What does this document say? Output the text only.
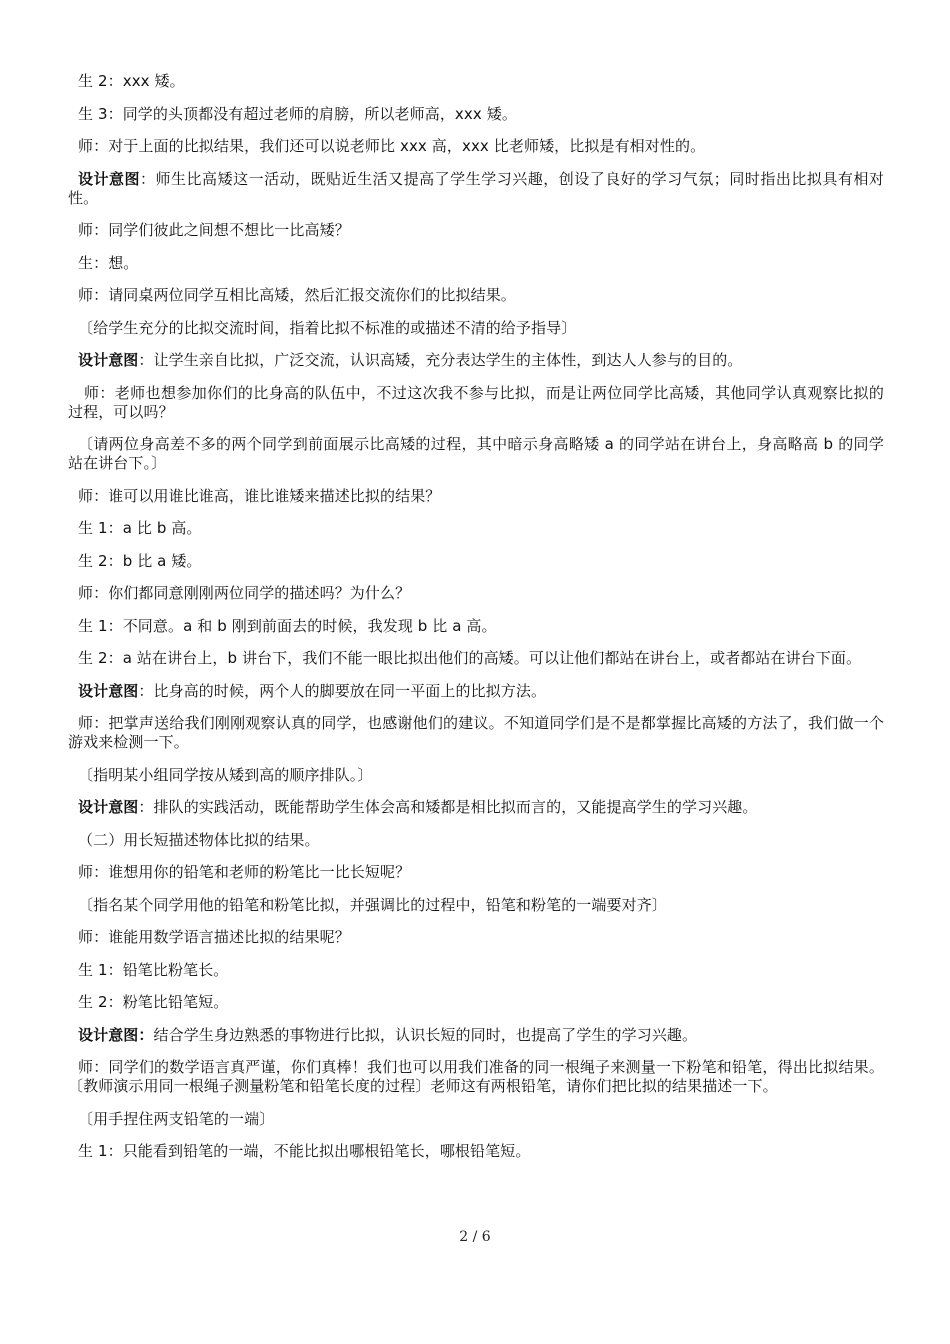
生 2：xxx 矮。

生 3：同学的头顶都没有超过老师的肩膀，所以老师高，xxx 矮。

师：对于上面的比拟结果，我们还可以说老师比 xxx 高，xxx 比老师矮，比拟是有相对性的。

设计意图：师生比高矮这一活动，既贴近生活又提高了学生学习兴趣，创设了良好的学习气氛；同时指出比拟具有相对性。

师：同学们彼此之间想不想比一比高矮？

生：想。

师：请同桌两位同学互相比高矮，然后汇报交流你们的比拟结果。

〔给学生充分的比拟交流时间，指着比拟不标准的或描述不清的给予指导〕

设计意图：让学生亲自比拟，广泛交流，认识高矮，充分表达学生的主体性，到达人人参与的目的。

师：老师也想参加你们的比身高的队伍中，不过这次我不参与比拟，而是让两位同学比高矮，其他同学认真观察比拟的过程，可以吗？

〔请两位身高差不多的两个同学到前面展示比高矮的过程，其中暗示身高略矮 a 的同学站在讲台上，身高略高 b 的同学站在讲台下。〕

师：谁可以用谁比谁高，谁比谁矮来描述比拟的结果？

生 1：a 比 b 高。

生 2：b 比 a 矮。

师：你们都同意刚刚两位同学的描述吗？为什么？

生 1：不同意。a 和 b 刚到前面去的时候，我发现 b 比 a 高。

生 2：a 站在讲台上，b 讲台下，我们不能一眼比拟出他们的高矮。可以让他们都站在讲台上，或者都站在讲台下面。

设计意图：比身高的时候，两个人的脚要放在同一平面上的比拟方法。

师：把掌声送给我们刚刚观察认真的同学，也感谢他们的建议。不知道同学们是不是都掌握比高矮的方法了，我们做一个游戏来检测一下。

〔指明某小组同学按从矮到高的顺序排队。〕

设计意图：排队的实践活动，既能帮助学生体会高和矮都是相比拟而言的，又能提高学生的学习兴趣。

（二）用长短描述物体比拟的结果。

师：谁想用你的铅笔和老师的粉笔比一比长短呢？

〔指名某个同学用他的铅笔和粉笔比拟，并强调比的过程中，铅笔和粉笔的一端要对齐〕

师：谁能用数学语言描述比拟的结果呢？

生 1：铅笔比粉笔长。

生 2：粉笔比铅笔短。

设计意图：结合学生身边熟悉的事物进行比拟，认识长短的同时，也提高了学生的学习兴趣。

师：同学们的数学语言真严谨，你们真棒！我们也可以用我们准备的同一根绳子来测量一下粉笔和铅笔，得出比拟结果。〔教师演示用同一根绳子测量粉笔和铅笔长度的过程〕老师这有两根铅笔，请你们把比拟的结果描述一下。

〔用手捏住两支铅笔的一端〕

生 1：只能看到铅笔的一端，不能比拟出哪根铅笔长，哪根铅笔短。

2 / 6
